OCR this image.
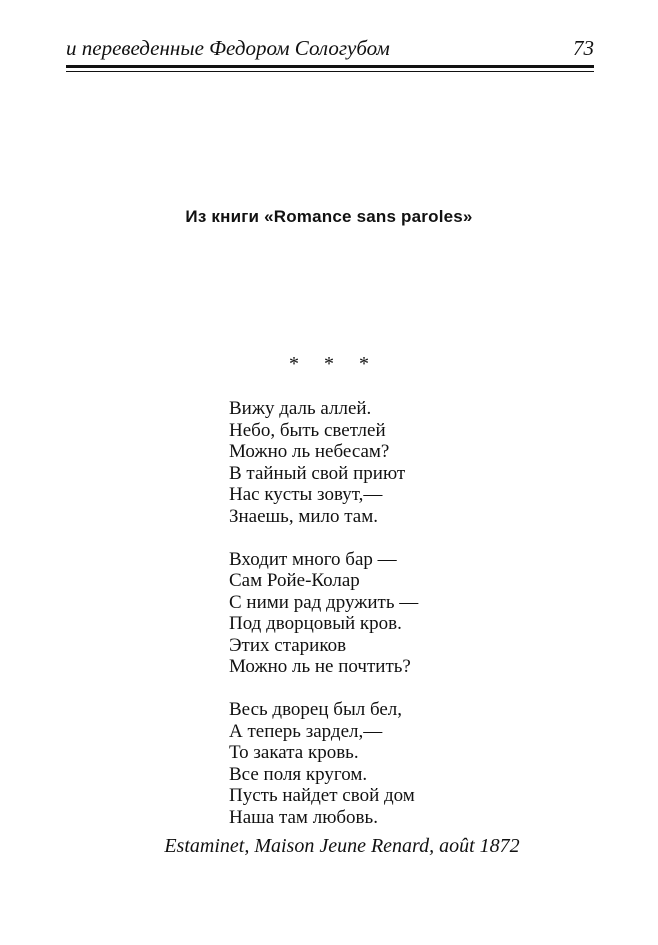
и переведенные Федором Сологубом	73
Из книги «Romance sans paroles»
* * *
Вижу даль аллей.
Небо, быть светлей
Можно ль небесам?
В тайный свой приют
Нас кусты зовут,—
Знаешь, мило там.
Входит много бар —
Сам Ройе-Колар
С ними рад дружить —
Под дворцовый кров.
Этих стариков
Можно ль не почтить?
Весь дворец был бел,
А теперь зардел,—
То заката кровь.
Все поля кругом.
Пусть найдет свой дом
Наша там любовь.
Estaminet, Maison Jeune Renard, août 1872
